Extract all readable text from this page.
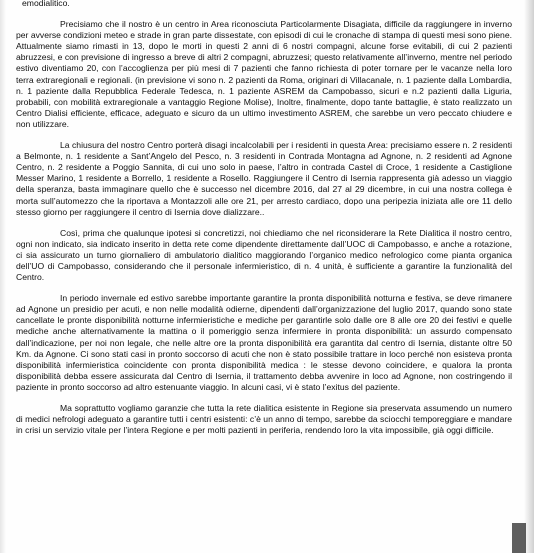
emodialitico.

Precisiamo che il nostro è un centro in Area riconosciuta Particolarmente Disagiata, difficile da raggiungere in inverno per avverse condizioni meteo e strade in gran parte dissestate, con episodi di cui le cronache di stampa di questi mesi sono piene. Attualmente siamo rimasti in 13, dopo le morti in questi 2 anni di 6 nostri compagni, alcune forse evitabili, di cui 2 pazienti abruzzesi, e con previsione di ingresso a breve di altri 2 compagni, abruzzesi; questo relativamente all’inverno, mentre nel periodo estivo diventiamo 20, con l’accoglienza per più mesi di 7 pazienti che fanno richiesta di poter tornare per le vacanze nella loro terra extraregionali e regionali. (in previsione vi sono n. 2 pazienti da Roma, originari di Villacanale, n. 1 paziente dalla Lombardia, n. 1 paziente dalla Repubblica Federale Tedesca, n. 1 paziente ASREM da Campobasso, sicuri e n.2 pazienti dalla Liguria, probabili, con mobilità extraregionale a vantaggio Regione Molise), Inoltre, finalmente, dopo tante battaglie, è stato realizzato un Centro Dialisi efficiente, efficace, adeguato e sicuro da un ultimo investimento ASREM, che sarebbe un vero peccato chiudere e non utilizzare.

La chiusura del nostro Centro porterà disagi incalcolabili per i residenti in questa Area: precisiamo essere n. 2 residenti a Belmonte, n. 1 residente a Sant’Angelo del Pesco, n. 3 residenti in Contrada Montagna ad Agnone, n. 2 residenti ad Agnone Centro, n. 2 residente a Poggio Sannita, di cui uno solo in paese, l’altro in contrada Castel di Croce, 1 residente a Castiglione Messer Marino, 1 residente a Borrello, 1 residente a Rosello. Raggiungere il Centro di Isernia rappresenta già adesso un viaggio della speranza, basta immaginare quello che è successo nel dicembre 2016, dal 27 al 29 dicembre, in cui una nostra collega è morta sull’automezzo che la riportava a Montazzoli alle ore 21, per arresto cardiaco, dopo una peripezia iniziata alle ore 11 dello stesso giorno per raggiungere il centro di Isernia dove dializzare..

Così, prima che qualunque ipotesi si concretizzi, noi chiediamo che nel riconsiderare la Rete Dialitica il nostro centro, ogni non indicato, sia indicato inserito in detta rete come dipendente direttamente dall’UOC di Campobasso, e anche a rotazione, ci sia assicurato un turno giornaliero di ambulatorio dialitico maggiorando l’organico medico nefrologico come pianta organica dell’UO di Campobasso, considerando che il personale infermieristico, di n. 4 unità, è sufficiente a garantire la funzionalità del Centro.

In periodo invernale ed estivo sarebbe importante garantire la pronta disponibilità notturna e festiva, se deve rimanere ad Agnone un presidio per acuti, e non nelle modalità odierne, dipendenti dall’organizzazione del luglio 2017, quando sono state cancellate le pronte disponibilità notturne infermieristiche e mediche per garantirle solo dalle ore 8 alle ore 20 dei festivi e quelle mediche anche alternativamente la mattina o il pomeriggio senza infermiere in pronta disponibilità: un assurdo compensato dall’indicazione, per noi non legale, che nelle altre ore la pronta disponibilità era garantita dal centro di Isernia, distante oltre 50 Km. da Agnone. Ci sono stati casi in pronto soccorso di acuti che non è stato possibile trattare in loco perché non esisteva pronta disponibilità infermieristica coincidente con pronta disponibilità medica : le stesse devono coincidere, e qualora la pronta disponibilità debba essere assicurata dal Centro di Isernia, il trattamento debba avvenire in loco ad Agnone, non costringendo il paziente in pronto soccorso ad altro estenuante viaggio. In alcuni casi, vi è stato l’exitus del paziente.

Ma soprattutto vogliamo garanzie che tutta la rete dialitica esistente in Regione sia preservata assumendo un numero di medici nefrologi adeguato a garantire tutti i centri esistenti: c’è un anno di tempo, sarebbe da sciocchi temporeggiare e mandare in crisi un servizio vitale per l’intera Regione e per molti pazienti in periferia, rendendo loro la vita impossibile, già oggi difficile.
